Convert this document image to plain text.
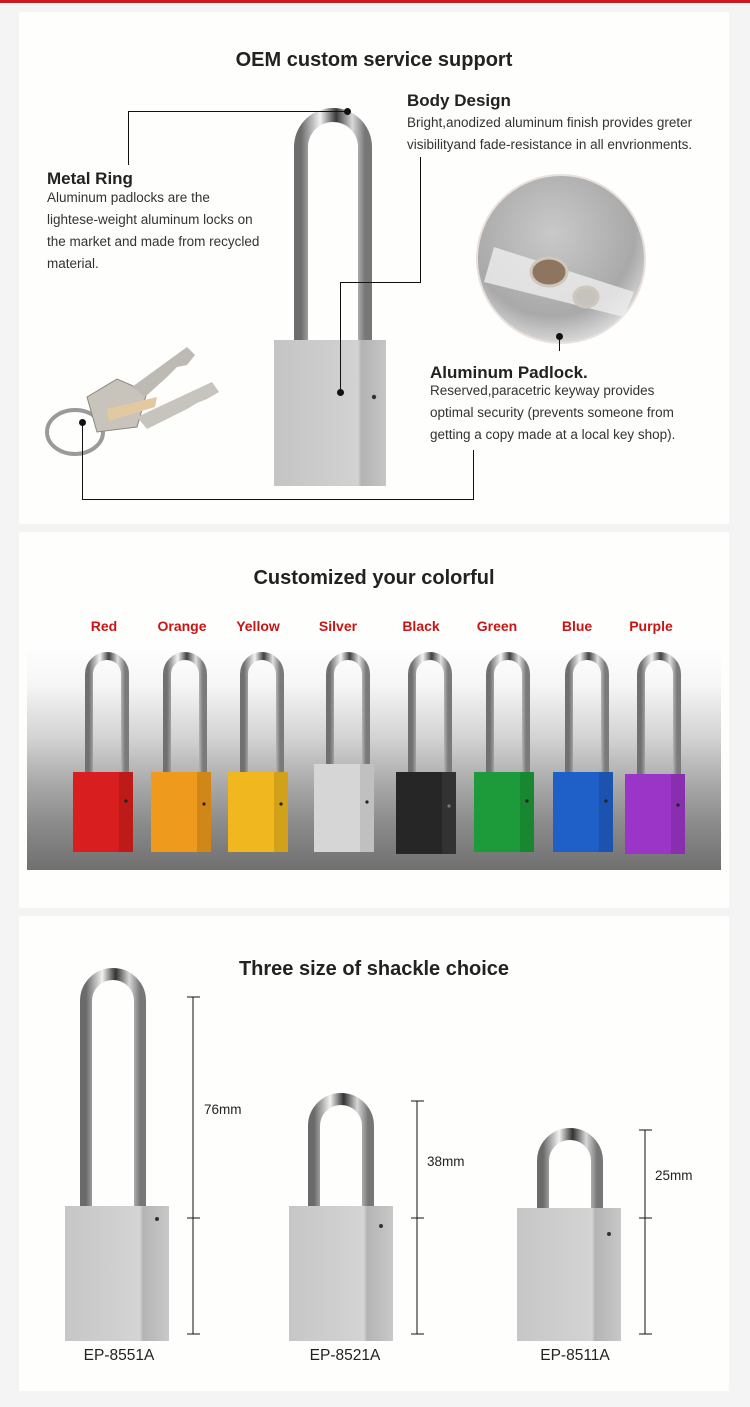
OEM custom service support
Metal Ring
Aluminum padlocks are the
lightese-weight aluminum locks on
the market and made from recycled
material.
Body Design
Bright,anodized aluminum finish provides greter
visibilityand fade-resistance in all envrionments.
Aluminum Padlock.
Reserved,paracetric keyway provides
optimal security (prevents someone from
getting a copy made at a local key shop).
Customized your colorful
Red	Orange	Yellow	Silver	Black	Green	Blue	Purple
Three size of shackle choice
76mm
38mm
25mm
EP-8551A	EP-8521A	EP-8511A
